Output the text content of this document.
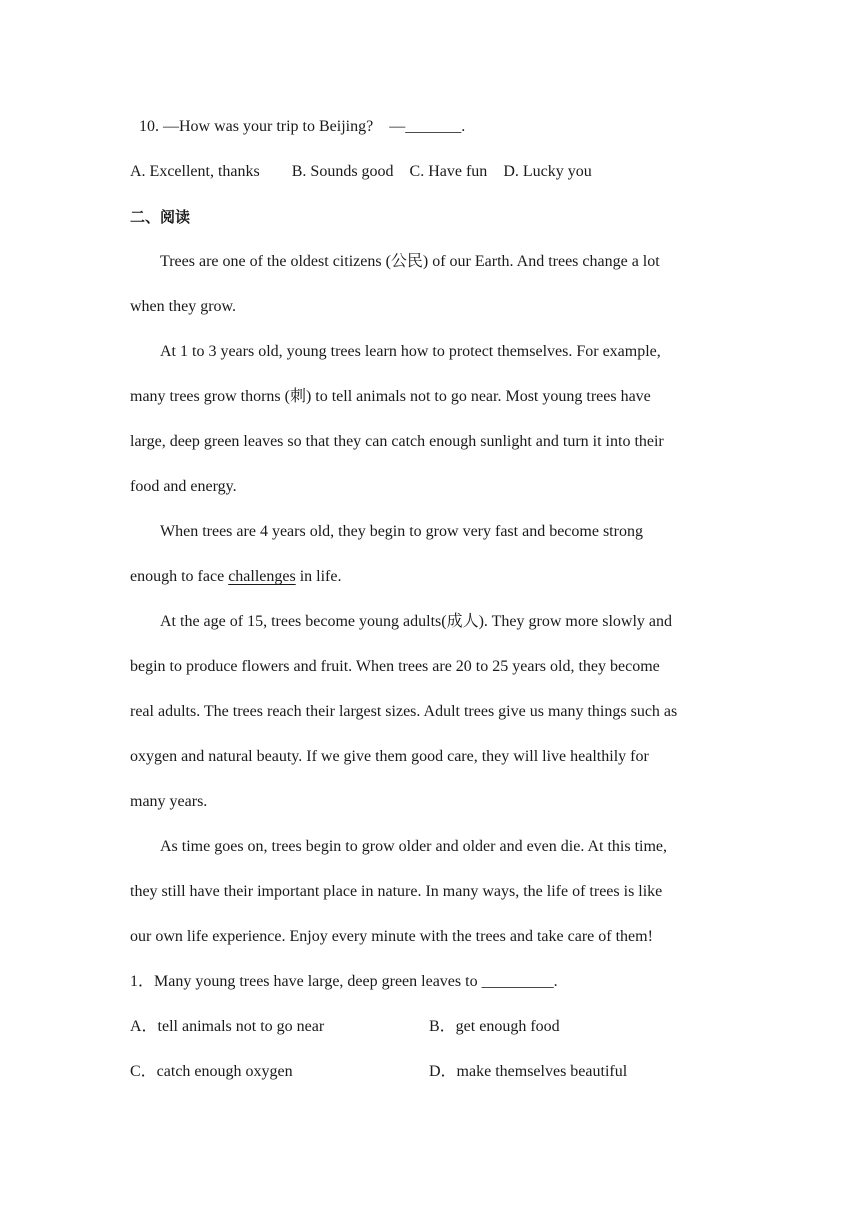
10. —How was your trip to Beijing? —_______.
A. Excellent, thanks B. Sounds good C. Have fun D. Lucky you
二、阅读
Trees are one of the oldest citizens (公民) of our Earth. And trees change a lot
when they grow.
At 1 to 3 years old, young trees learn how to protect themselves. For example,
many trees grow thorns (刺) to tell animals not to go near. Most young trees have
large, deep green leaves so that they can catch enough sunlight and turn it into their
food and energy.
When trees are 4 years old, they begin to grow very fast and become strong
enough to face challenges in life.
At the age of 15, trees become young adults(成人). They grow more slowly and
begin to produce flowers and fruit. When trees are 20 to 25 years old, they become
real adults. The trees reach their largest sizes. Adult trees give us many things such as
oxygen and natural beauty. If we give them good care, they will live healthily for
many years.
As time goes on, trees begin to grow older and older and even die. At this time,
they still have their important place in nature. In many ways, the life of trees is like
our own life experience. Enjoy every minute with the trees and take care of them!
1．Many young trees have large, deep green leaves to _________.
A．tell animals not to go near	B．get enough food
C．catch enough oxygen	D．make themselves beautiful
